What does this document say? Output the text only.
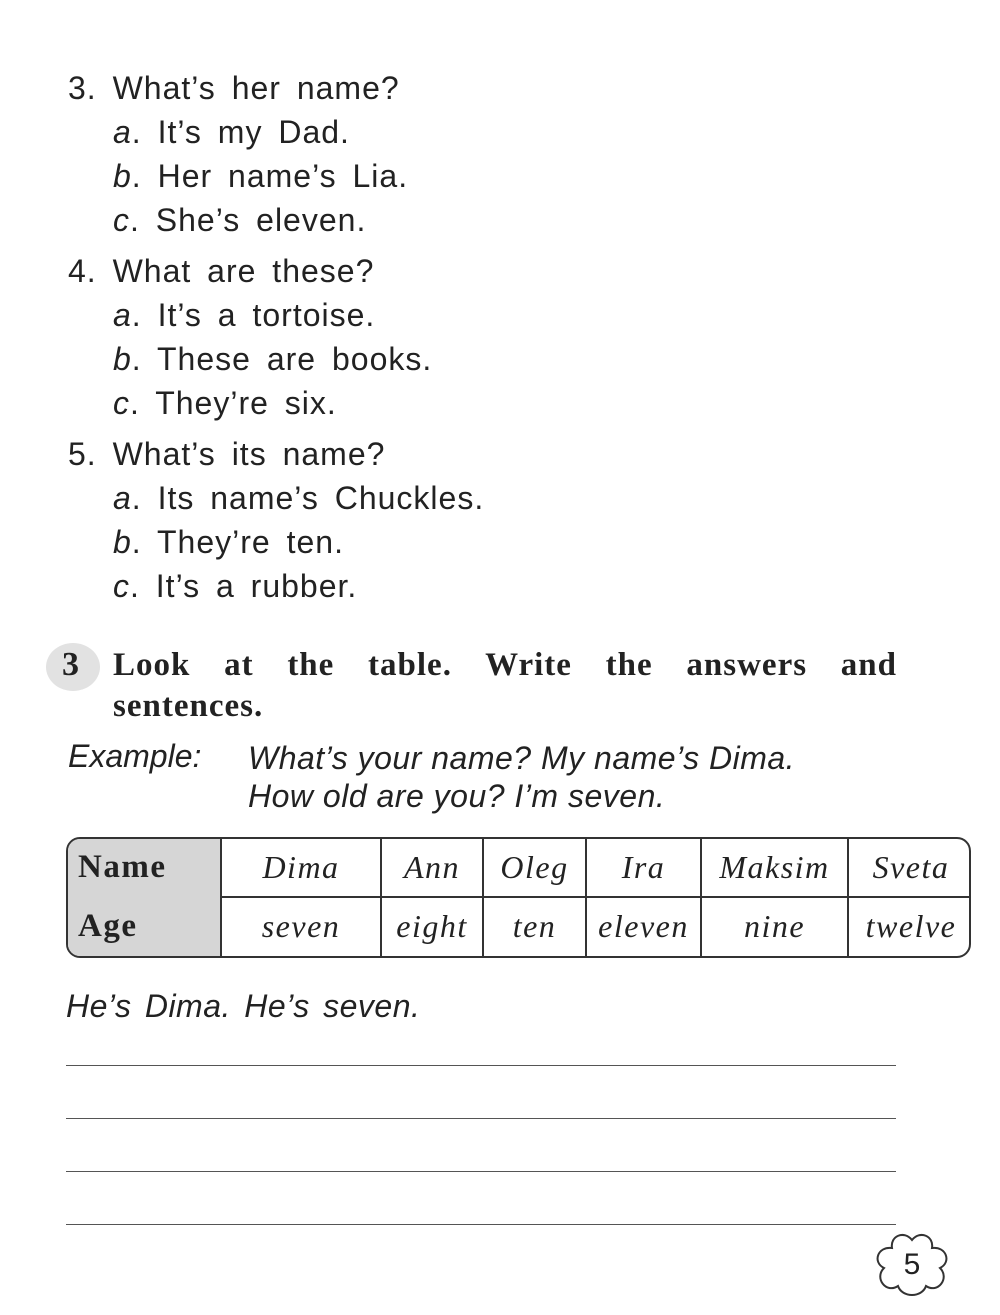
3. What’s her name?
a. It’s my Dad.
b. Her name’s Lia.
c. She’s eleven.
4. What are these?
a. It’s a tortoise.
b. These are books.
c. They’re six.
5. What’s its name?
a. Its name’s Chuckles.
b. They’re ten.
c. It’s a rubber.
3 Look at the table. Write the answers and
sentences.
Example: What’s your name? My name’s Dima.
How old are you? I’m seven.
Name	Dima	Ann	Oleg	Ira	Maksim	Sveta
Age	seven	eight	ten	eleven	nine	twelve
He’s Dima. He’s seven.
5
